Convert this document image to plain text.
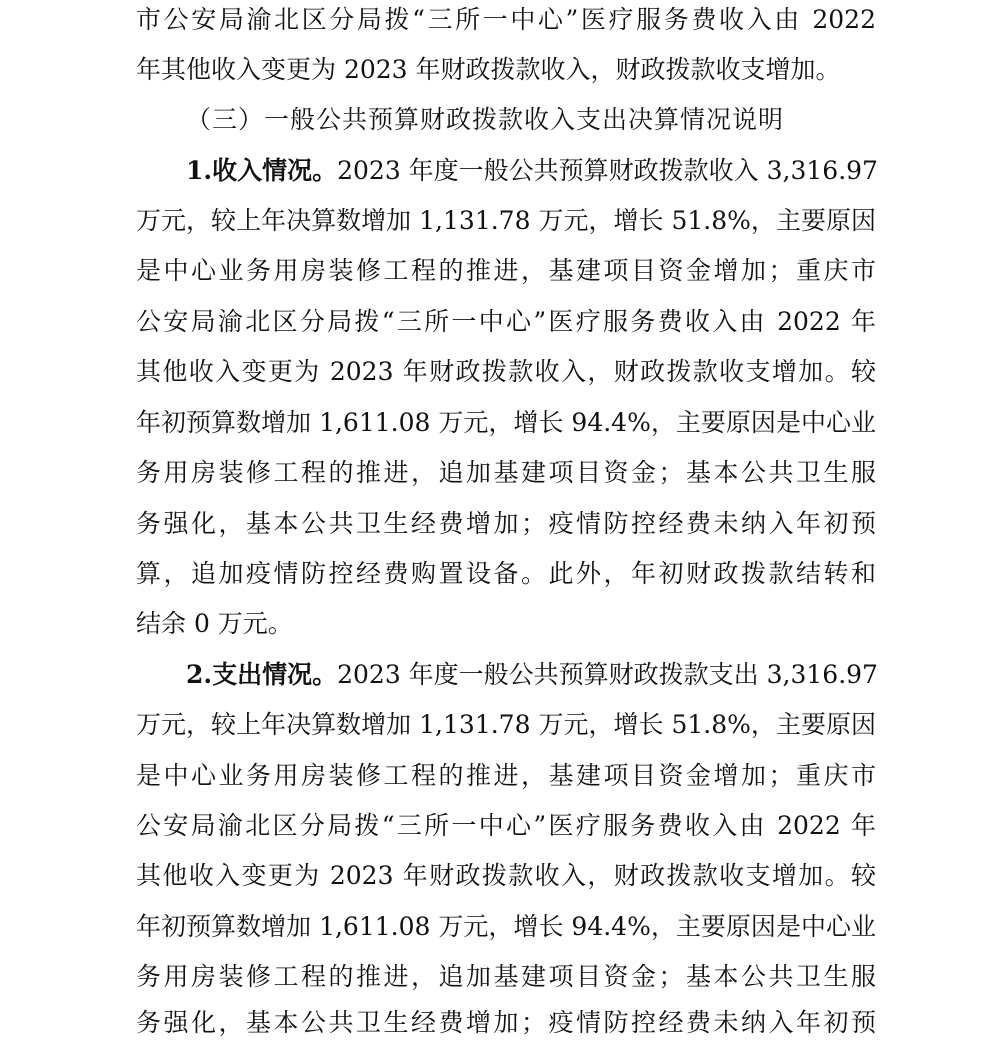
市公安局渝北区分局拨“三所一中心”医疗服务费收入由 2022
年其他收入变更为 2023 年财政拨款收入，财政拨款收支增加。
（三）一般公共预算财政拨款收入支出决算情况说明
1.收入情况。2023 年度一般公共预算财政拨款收入 3,316.97
万元，较上年决算数增加 1,131.78 万元，增长 51.8%，主要原因
是中心业务用房装修工程的推进，基建项目资金增加；重庆市
公安局渝北区分局拨“三所一中心”医疗服务费收入由 2022 年
其他收入变更为 2023 年财政拨款收入，财政拨款收支增加。较
年初预算数增加 1,611.08 万元，增长 94.4%，主要原因是中心业
务用房装修工程的推进，追加基建项目资金；基本公共卫生服
务强化，基本公共卫生经费增加；疫情防控经费未纳入年初预
算，追加疫情防控经费购置设备。此外，年初财政拨款结转和
结余 0 万元。
2.支出情况。2023 年度一般公共预算财政拨款支出 3,316.97
万元，较上年决算数增加 1,131.78 万元，增长 51.8%，主要原因
是中心业务用房装修工程的推进，基建项目资金增加；重庆市
公安局渝北区分局拨“三所一中心”医疗服务费收入由 2022 年
其他收入变更为 2023 年财政拨款收入，财政拨款收支增加。较
年初预算数增加 1,611.08 万元，增长 94.4%，主要原因是中心业
务用房装修工程的推进，追加基建项目资金；基本公共卫生服
务强化，基本公共卫生经费增加；疫情防控经费未纳入年初预
